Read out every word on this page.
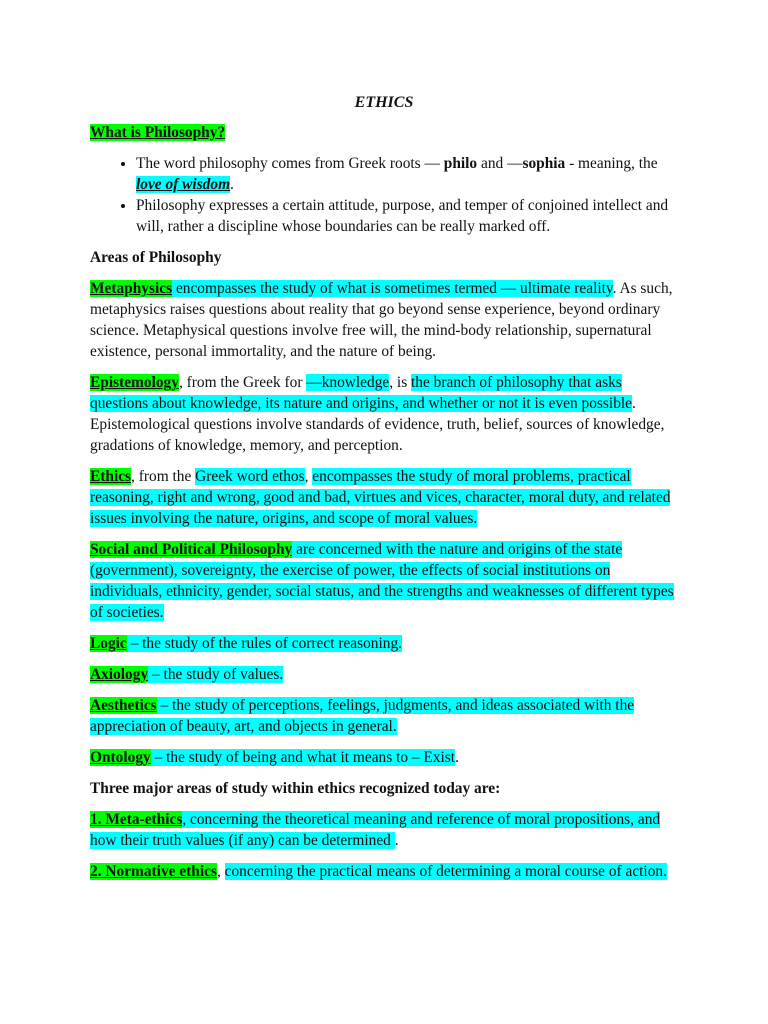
ETHICS

What is Philosophy?

• The word philosophy comes from Greek roots — philo and —sophia - meaning, the love of wisdom.
• Philosophy expresses a certain attitude, purpose, and temper of conjoined intellect and will, rather a discipline whose boundaries can be really marked off.

Areas of Philosophy

Metaphysics encompasses the study of what is sometimes termed — ultimate reality. As such, metaphysics raises questions about reality that go beyond sense experience, beyond ordinary science. Metaphysical questions involve free will, the mind-body relationship, supernatural existence, personal immortality, and the nature of being.

Epistemology, from the Greek for —knowledge, is the branch of philosophy that asks questions about knowledge, its nature and origins, and whether or not it is even possible. Epistemological questions involve standards of evidence, truth, belief, sources of knowledge, gradations of knowledge, memory, and perception.

Ethics, from the Greek word ethos, encompasses the study of moral problems, practical reasoning, right and wrong, good and bad, virtues and vices, character, moral duty, and related issues involving the nature, origins, and scope of moral values.

Social and Political Philosophy are concerned with the nature and origins of the state (government), sovereignty, the exercise of power, the effects of social institutions on individuals, ethnicity, gender, social status, and the strengths and weaknesses of different types of societies.

Logic – the study of the rules of correct reasoning.

Axiology – the study of values.

Aesthetics – the study of perceptions, feelings, judgments, and ideas associated with the appreciation of beauty, art, and objects in general.

Ontology – the study of being and what it means to – Exist.

Three major areas of study within ethics recognized today are:

1. Meta-ethics, concerning the theoretical meaning and reference of moral propositions, and how their truth values (if any) can be determined .

2. Normative ethics, concerning the practical means of determining a moral course of action.
